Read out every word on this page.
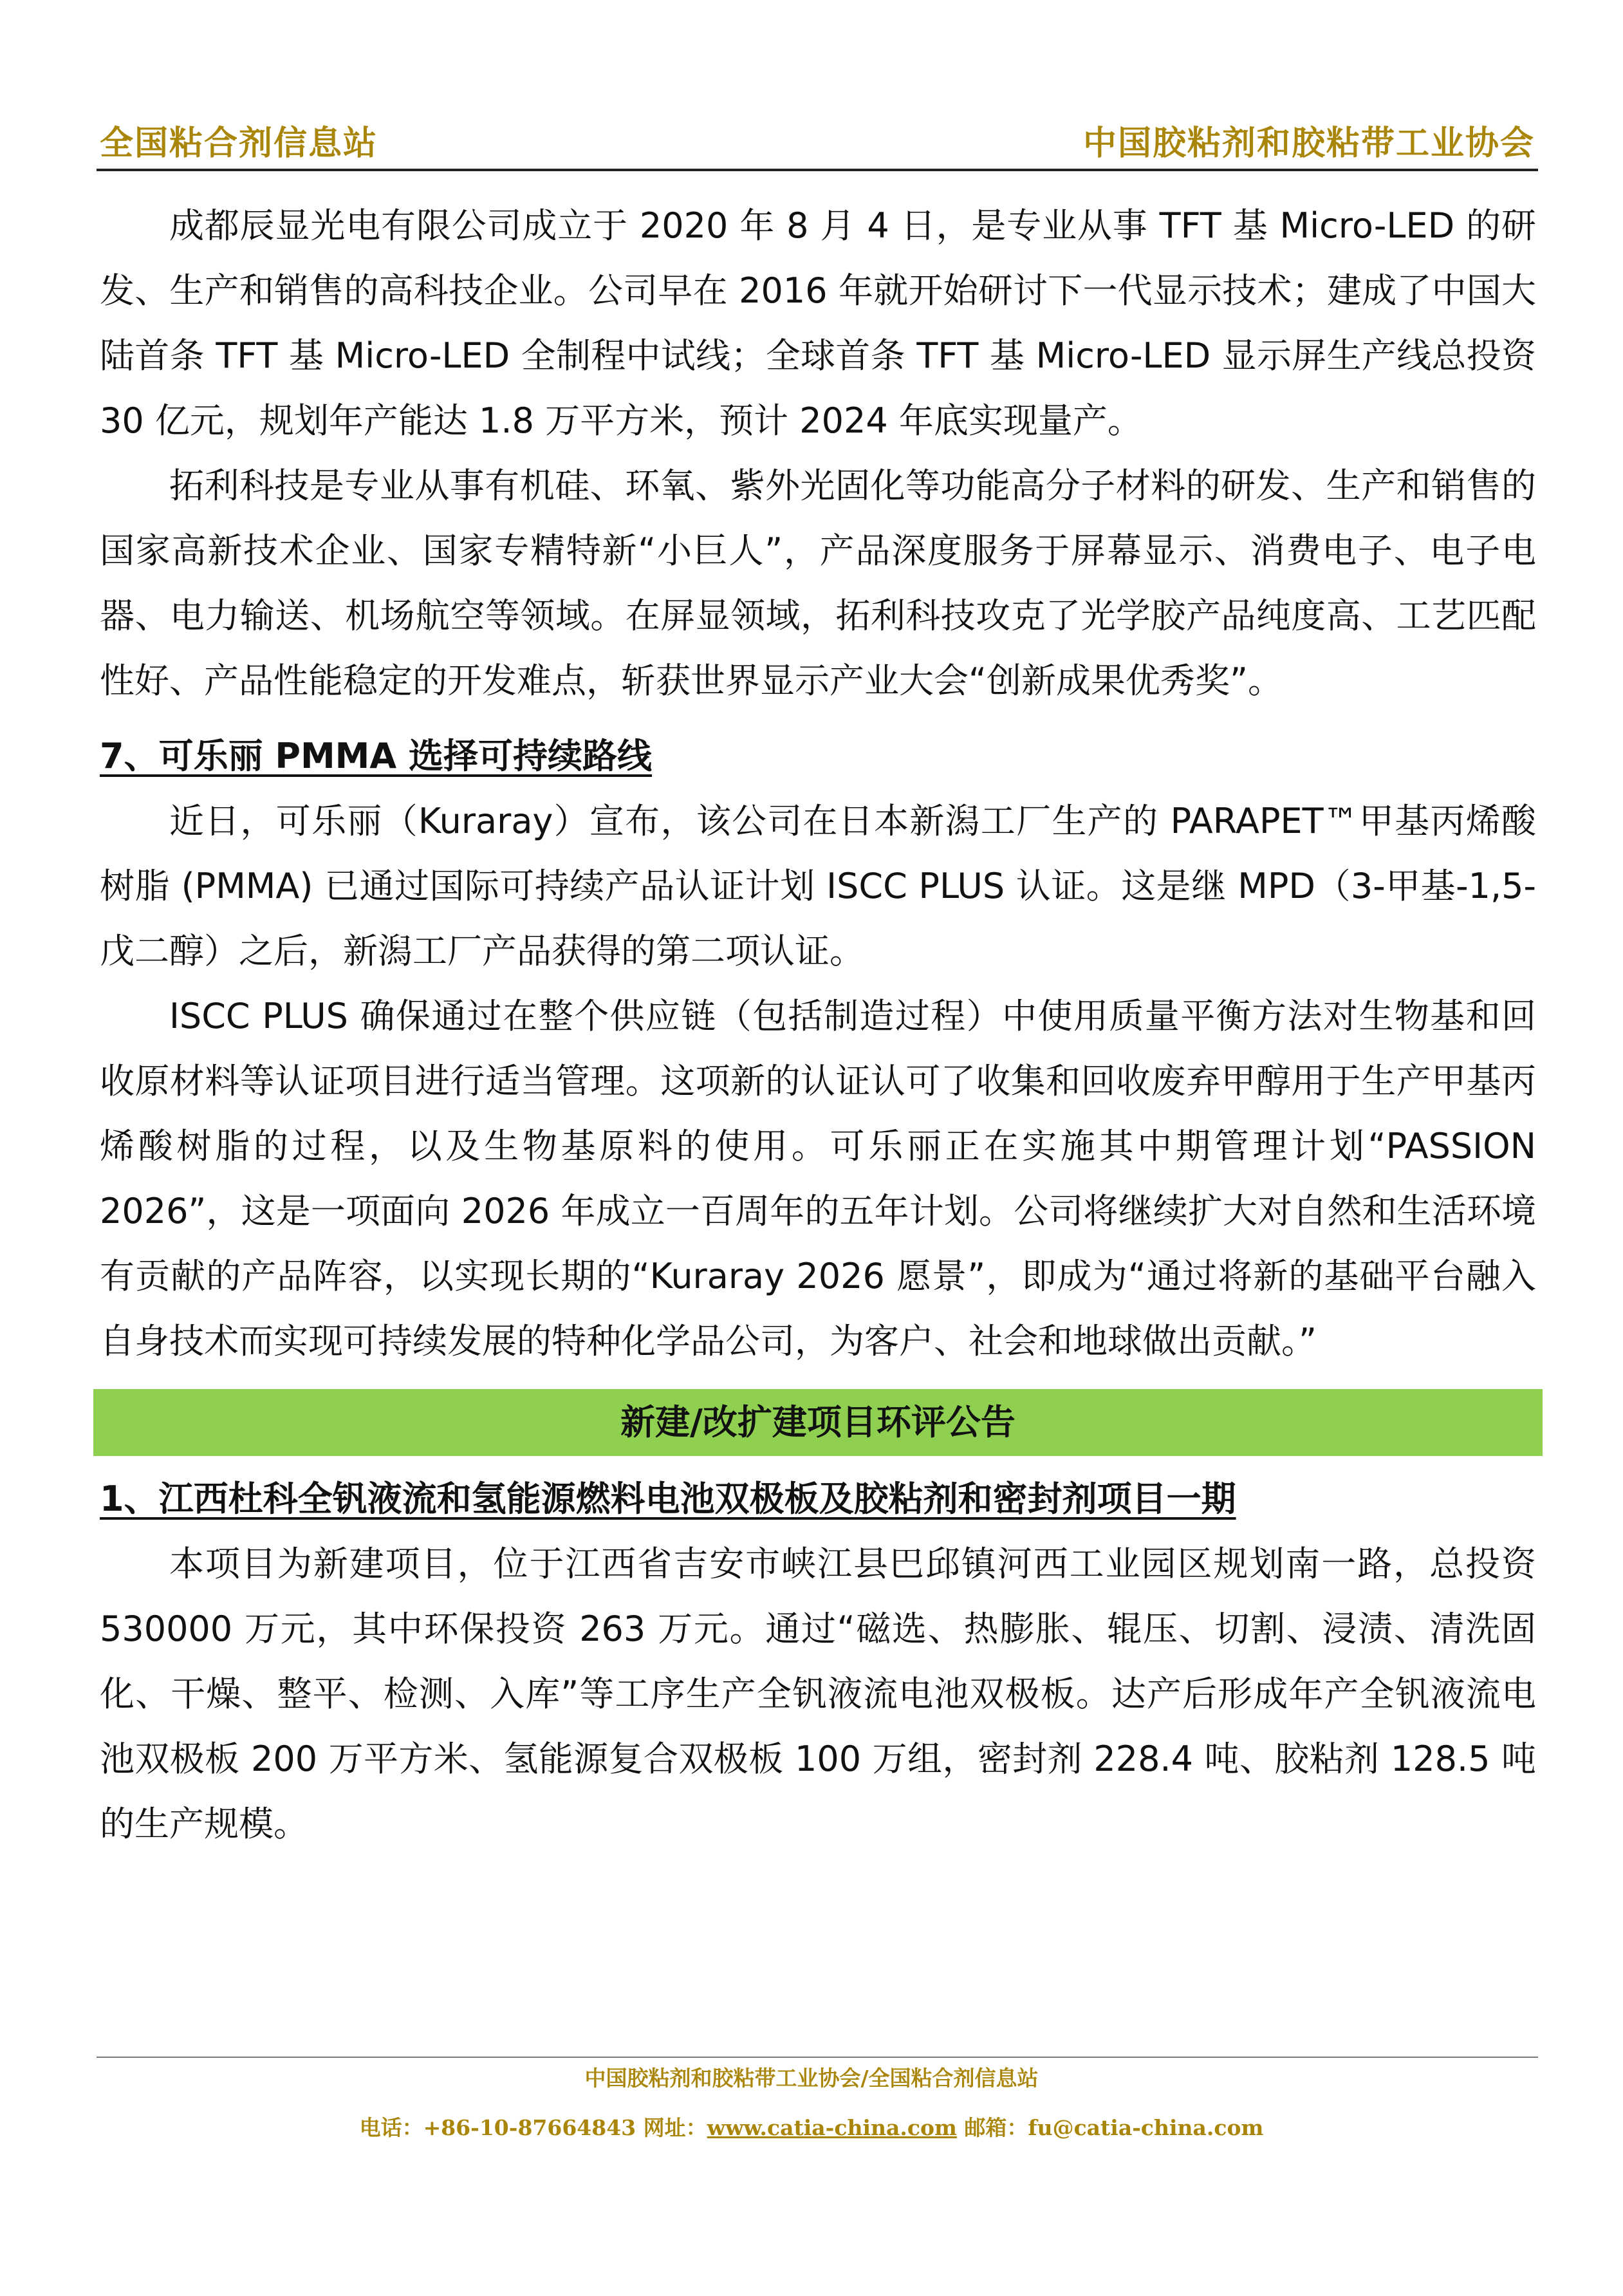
全国粘合剂信息站	中国胶粘剂和胶粘带工业协会

成都辰显光电有限公司成立于 2020 年 8 月 4 日，是专业从事 TFT 基 Micro-LED 的研发、生产和销售的高科技企业。公司早在 2016 年就开始研讨下一代显示技术；建成了中国大陆首条 TFT 基 Micro-LED 全制程中试线；全球首条 TFT 基 Micro-LED 显示屏生产线总投资 30 亿元，规划年产能达 1.8 万平方米，预计 2024 年底实现量产。

拓利科技是专业从事有机硅、环氧、紫外光固化等功能高分子材料的研发、生产和销售的国家高新技术企业、国家专精特新“小巨人”，产品深度服务于屏幕显示、消费电子、电子电器、电力输送、机场航空等领域。在屏显领域，拓利科技攻克了光学胶产品纯度高、工艺匹配性好、产品性能稳定的开发难点，斩获世界显示产业大会“创新成果优秀奖”。

7、可乐丽 PMMA 选择可持续路线

近日，可乐丽（Kuraray）宣布，该公司在日本新潟工厂生产的 PARAPET™甲基丙烯酸树脂 (PMMA) 已通过国际可持续产品认证计划 ISCC PLUS 认证。这是继 MPD（3-甲基-1,5-戊二醇）之后，新潟工厂产品获得的第二项认证。

ISCC PLUS 确保通过在整个供应链（包括制造过程）中使用质量平衡方法对生物基和回收原材料等认证项目进行适当管理。这项新的认证认可了收集和回收废弃甲醇用于生产甲基丙烯酸树脂的过程，以及生物基原料的使用。可乐丽正在实施其中期管理计划“PASSION 2026”，这是一项面向 2026 年成立一百周年的五年计划。公司将继续扩大对自然和生活环境有贡献的产品阵容，以实现长期的“Kuraray 2026 愿景”，即成为“通过将新的基础平台融入自身技术而实现可持续发展的特种化学品公司，为客户、社会和地球做出贡献。”

新建/改扩建项目环评公告
1、江西杜科全钒液流和氢能源燃料电池双极板及胶粘剂和密封剂项目一期

本项目为新建项目，位于江西省吉安市峡江县巴邱镇河西工业园区规划南一路，总投资 530000 万元，其中环保投资 263 万元。通过“磁选、热膨胀、辊压、切割、浸渍、清洗固化、干燥、整平、检测、入库”等工序生产全钒液流电池双极板。达产后形成年产全钒液流电池双极板 200 万平方米、氢能源复合双极板 100 万组，密封剂 228.4 吨、胶粘剂 128.5 吨的生产规模。

中国胶粘剂和胶粘带工业协会/全国粘合剂信息站
电话：+86-10-87664843 网址：www.catia-china.com 邮箱：fu@catia-china.com
